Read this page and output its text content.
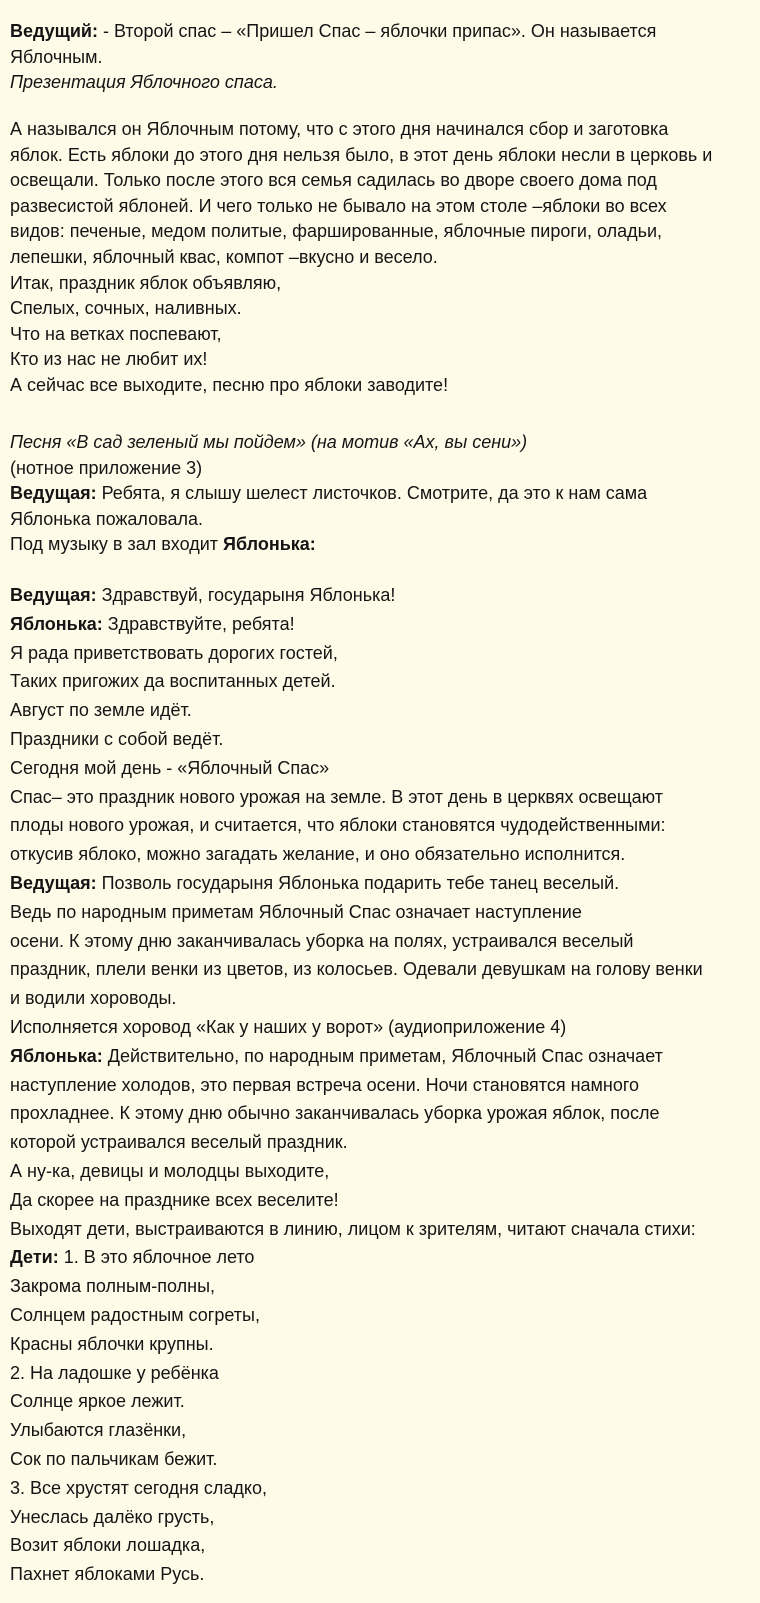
Ведущий: - Второй спас – «Пришел Спас – яблочки припас». Он называется

Яблочным.

Презентация Яблочного спаса.

А назывался он Яблочным потому, что с этого дня начинался сбор и заготовка

яблок. Есть яблоки до этого дня нельзя было, в этот день яблоки несли в церковь и

освещали. Только после этого вся семья садилась во дворе своего дома под

развесистой яблоней. И чего только не бывало на этом столе –яблоки во всех

видов: печеные, медом политые, фаршированные, яблочные пироги, оладьи,

лепешки, яблочный квас, компот –вкусно и весело.

Итак, праздник яблок объявляю,

Спелых, сочных, наливных.

Что на ветках поспевают,

Кто из нас не любит их!

А сейчас все выходите, песню про яблоки заводите!

Песня «В сад зеленый мы пойдем» (на мотив «Ах, вы сени»)

(нотное приложение 3)

Ведущая: Ребята, я слышу шелест листочков. Смотрите, да это к нам сама

Яблонька пожаловала.

Под музыку в зал входит Яблонька:

Ведущая: Здравствуй, государыня Яблонька!

Яблонька: Здравствуйте, ребята!

Я рада приветствовать дорогих гостей,

Таких пригожих да воспитанных детей.

Август по земле идёт.

Праздники с собой ведёт.

Сегодня мой день - «Яблочный Спас»

Спас– это праздник нового урожая на земле. В этот день в церквях освещают

плоды нового урожая, и считается, что яблоки становятся чудодейственными:

откусив яблоко, можно загадать желание, и оно обязательно исполнится.

Ведущая: Позволь государыня Яблонька подарить тебе танец веселый.

Ведь по народным приметам Яблочный Спас означает наступление

осени. К этому дню заканчивалась уборка на полях, устраивался веселый

праздник, плели венки из цветов, из колосьев. Одевали девушкам на голову венки

и водили хороводы.

Исполняется хоровод «Как у наших у ворот» (аудиоприложение 4)

Яблонька: Действительно, по народным приметам, Яблочный Спас означает

наступление холодов, это первая встреча осени. Ночи становятся намного

прохладнее. К этому дню обычно заканчивалась уборка урожая яблок, после

которой устраивался веселый праздник.

А ну-ка, девицы и молодцы выходите,

Да скорее на празднике всех веселите!

Выходят дети, выстраиваются в линию, лицом к зрителям, читают сначала стихи:

Дети: 1. В это яблочное лето

Закрома полным-полны,

Солнцем радостным согреты,

Красны яблочки крупны.

2. На ладошке у ребёнка

Солнце яркое лежит.

Улыбаются глазёнки,

Сок по пальчикам бежит.

3. Все хрустят сегодня сладко,

Унеслась далёко грусть,

Возит яблоки лошадка,

Пахнет яблоками Русь.
